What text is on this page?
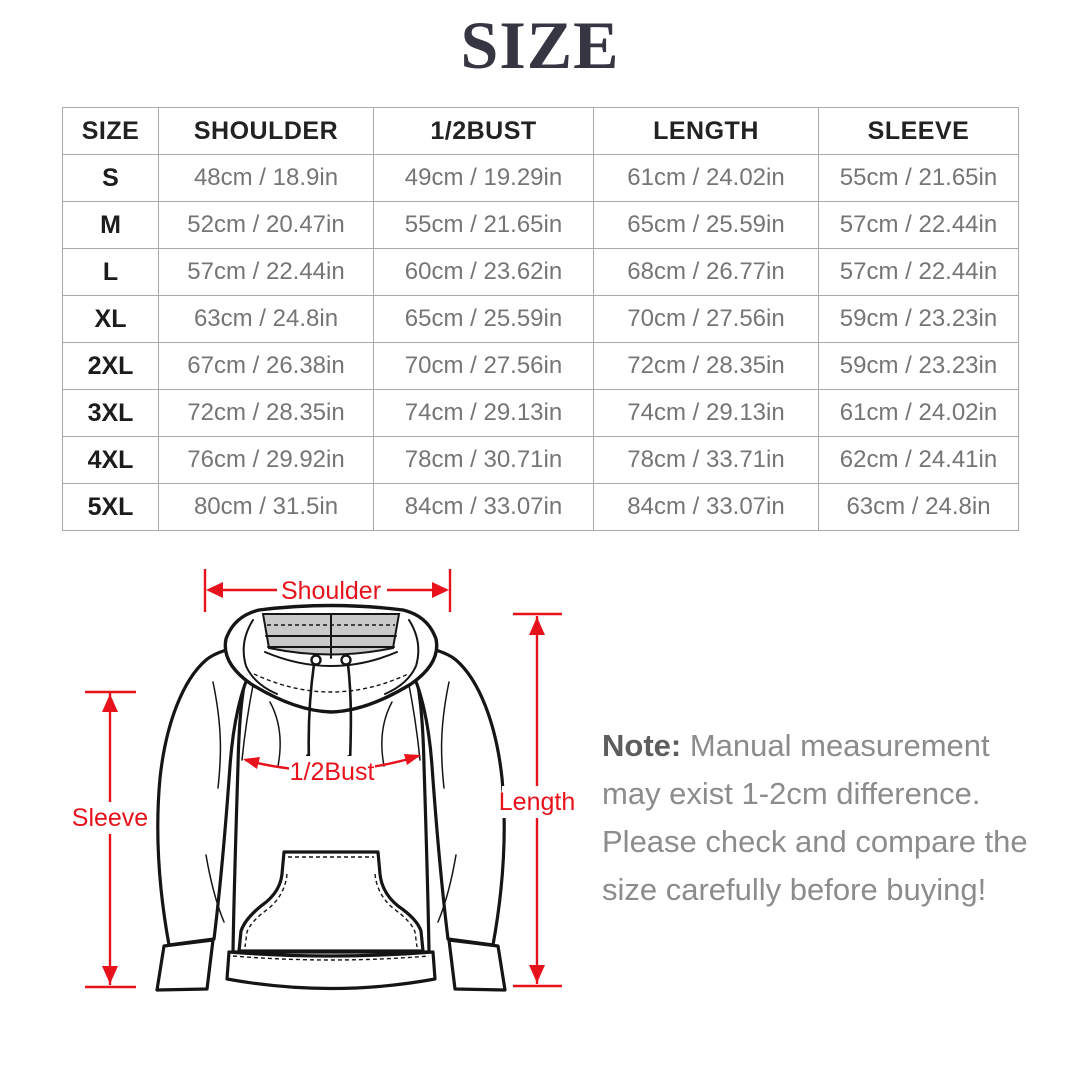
SIZE
SIZE	SHOULDER	1/2BUST	LENGTH	SLEEVE
S	48cm / 18.9in	49cm / 19.29in	61cm / 24.02in	55cm / 21.65in
M	52cm / 20.47in	55cm / 21.65in	65cm / 25.59in	57cm / 22.44in
L	57cm / 22.44in	60cm / 23.62in	68cm / 26.77in	57cm / 22.44in
XL	63cm / 24.8in	65cm / 25.59in	70cm / 27.56in	59cm / 23.23in
2XL	67cm / 26.38in	70cm / 27.56in	72cm / 28.35in	59cm / 23.23in
3XL	72cm / 28.35in	74cm / 29.13in	74cm / 29.13in	61cm / 24.02in
4XL	76cm / 29.92in	78cm / 30.71in	78cm / 33.71in	62cm / 24.41in
5XL	80cm / 31.5in	84cm / 33.07in	84cm / 33.07in	63cm / 24.8in
Shoulder
Length
Sleeve
1/2Bust
Note: Manual measurement may exist 1-2cm difference. Please check and compare the size carefully before buying!
